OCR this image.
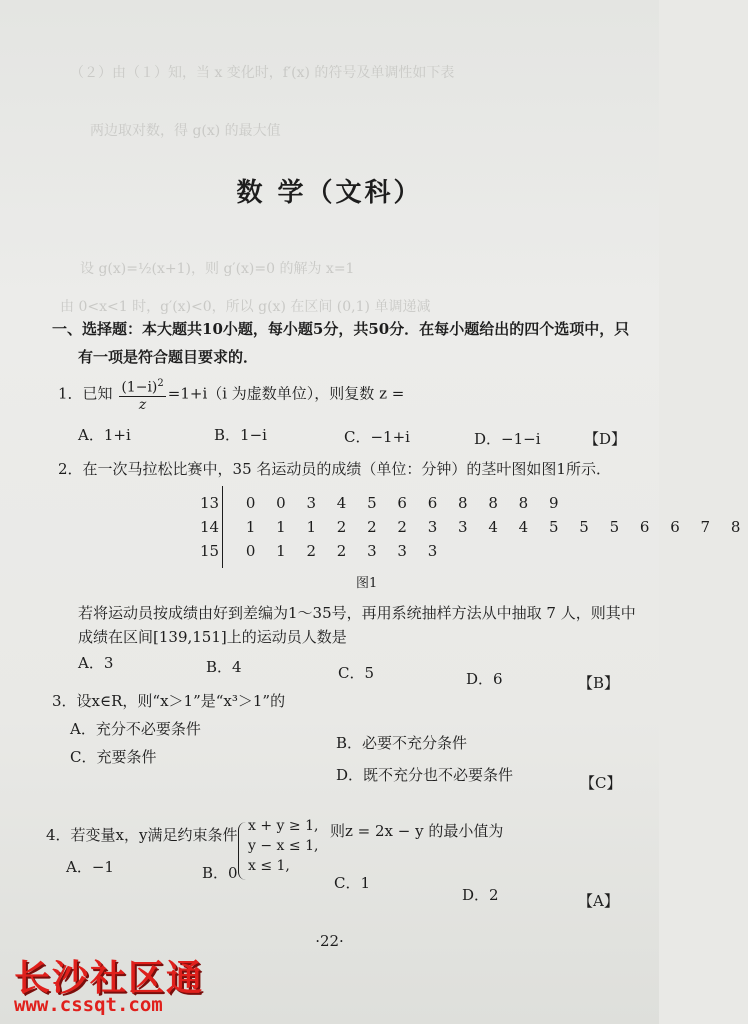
（２）由（１）知，当 x 变化时，f′(x) 的符号及单调性如下表
两边取对数，得 g(x) 的最大值
设 g(x)=½(x+1)，则 g′(x)=0 的解为 x=1
由 0<x<1 时，g′(x)<0，所以 g(x) 在区间 (0,1) 单调递减
数 学（文科）
一、选择题：本大题共10小题，每小题5分，共50分．在每小题给出的四个选项中，只
有一项是符合题目要求的．
1．已知 $\frac{(1-i)^2}{z} =1+i(i$ 为虚数单位），则复数 z =
A．1+i	B．1−i	C．−1+i	D．−1−i	【D】
2．在一次马拉松比赛中，35 名运动员的成绩（单位：分钟）的茎叶图如图1所示．
13 0 0 3 4 5 6 6 8 8 8 9
14 1 1 1 2 2 2 3 3 4 4 5 5 5 6 6 7 8
15 0 1 2 2 3 3 3
图1
若将运动员按成绩由好到差编为1～35号，再用系统抽样方法从中抽取 7 人，则其中
成绩在区间[139,151]上的运动员人数是
A．3	B．4	C．5	D．6	【B】
3．设x∈R，则“x＞1”是“x³＞1”的
A．充分不必要条件
B．必要不充分条件
C．充要条件
D．既不充分也不必要条件	【C】
4．若变量x，y满足约束条件 x + y ≥ 1,
y − x ≤ 1,
x ≤ 1,
则z = 2x − y 的最小值为
A．−1	B．0
C．1
D．2	【A】
·22·
长沙社区通
www.cssqt.com
